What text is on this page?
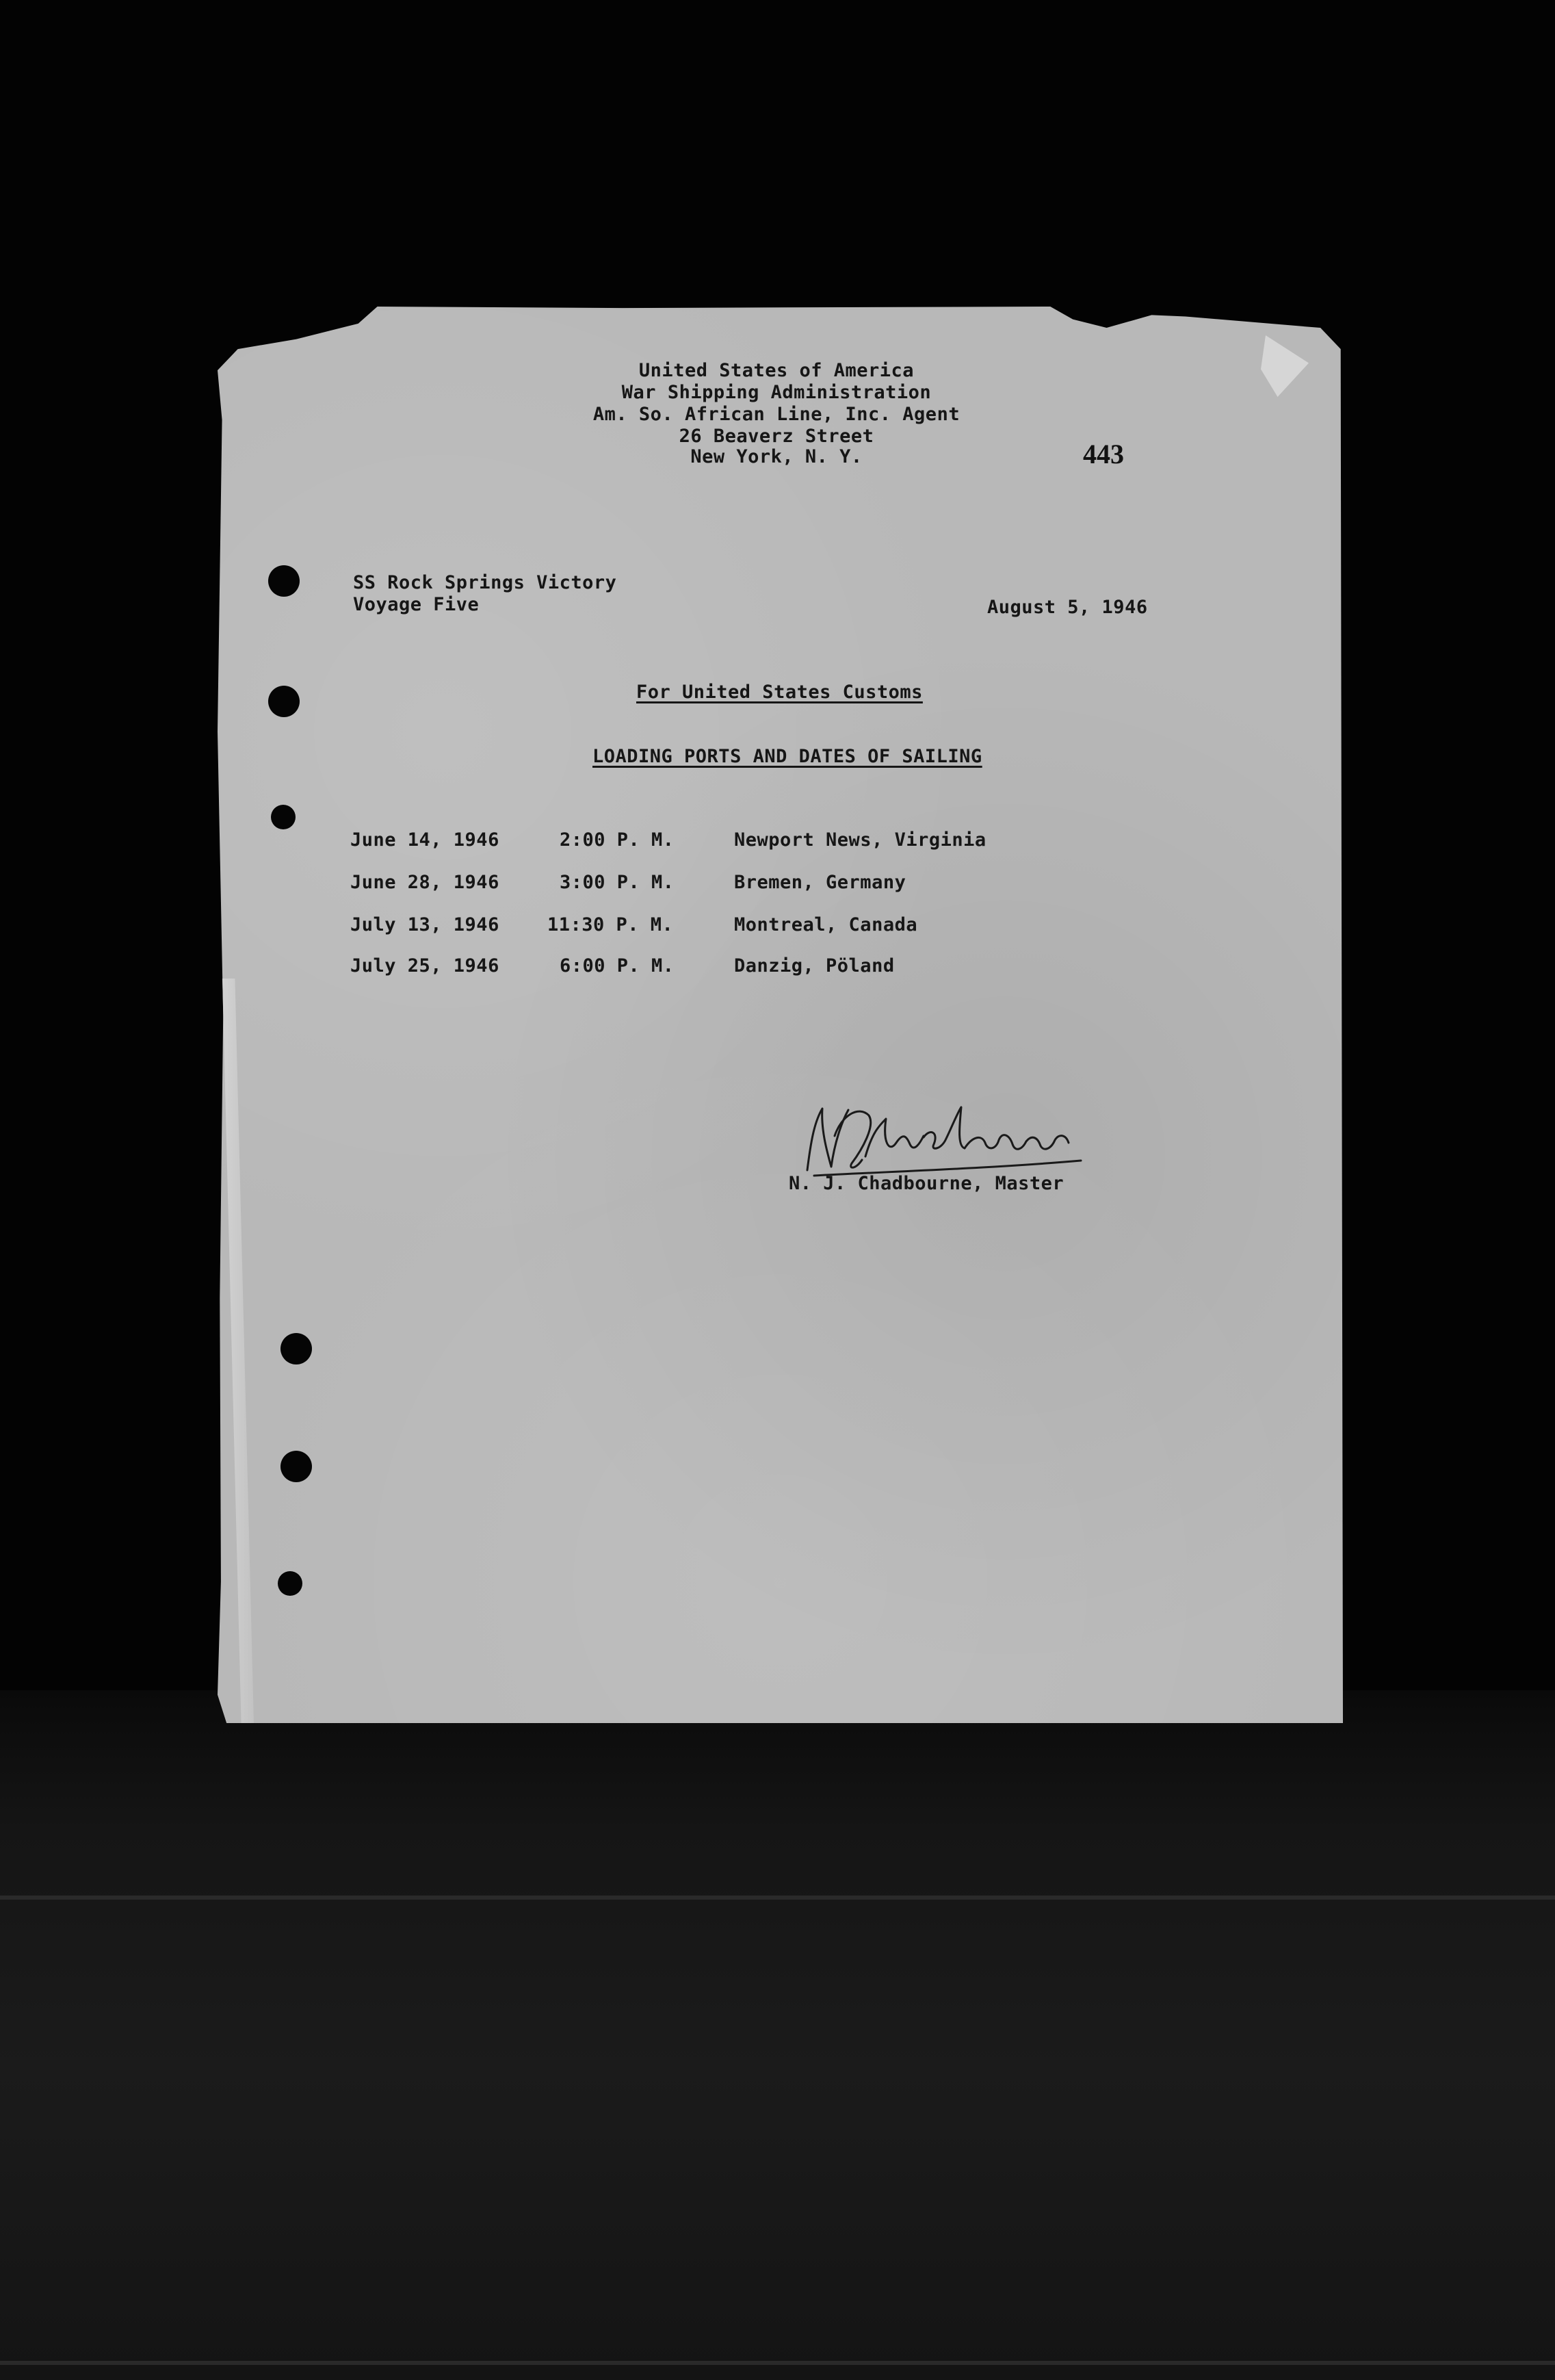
United States of America
War Shipping Administration
Am. So. African Line, Inc. Agent
26 Beaverz Street
New York, N. Y.	443
SS Rock Springs Victory
Voyage Five	August 5, 1946
For United States Customs
LOADING PORTS AND DATES OF SAILING
June 14, 1946	2:00 P. M.	Newport News, Virginia
June 28, 1946	3:00 P. M.	Bremen, Germany
July 13, 1946	11:30 P. M.	Montreal, Canada
July 25, 1946	6:00 P. M.	Danzig, Pöland
N. J. Chadbourne, Master
